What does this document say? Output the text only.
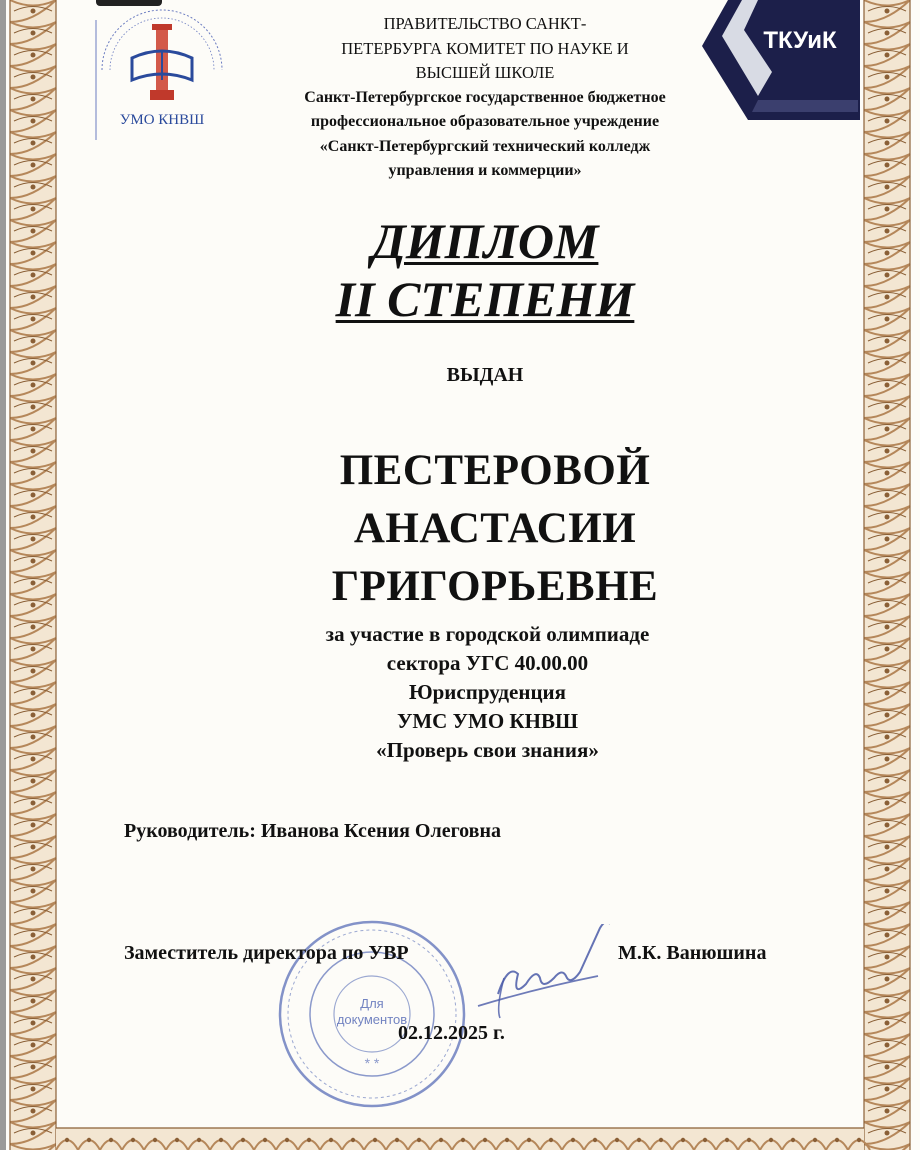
УМО КНВШ
ТКУиК
ПРАВИТЕЛЬСТВО САНКТ-
ПЕТЕРБУРГА КОМИТЕТ ПО НАУКЕ И
ВЫСШЕЙ ШКОЛЕ
Санкт-Петербургское государственное бюджетное
профессиональное образовательное учреждение
«Санкт-Петербургский технический колледж
управления и коммерции»
ДИПЛОМ
II СТЕПЕНИ
ВЫДАН
ПЕСТЕРОВОЙ
АНАСТАСИИ
ГРИГОРЬЕВНЕ
за участие в городской олимпиаде
сектора УГС 40.00.00
Юриспруденция
УМС УМО КНВШ
«Проверь свои знания»
Руководитель: Иванова Ксения Олеговна
Для
документов
* *
Заместитель директора по УВР	М.К. Ванюшина
02.12.2025 г.
